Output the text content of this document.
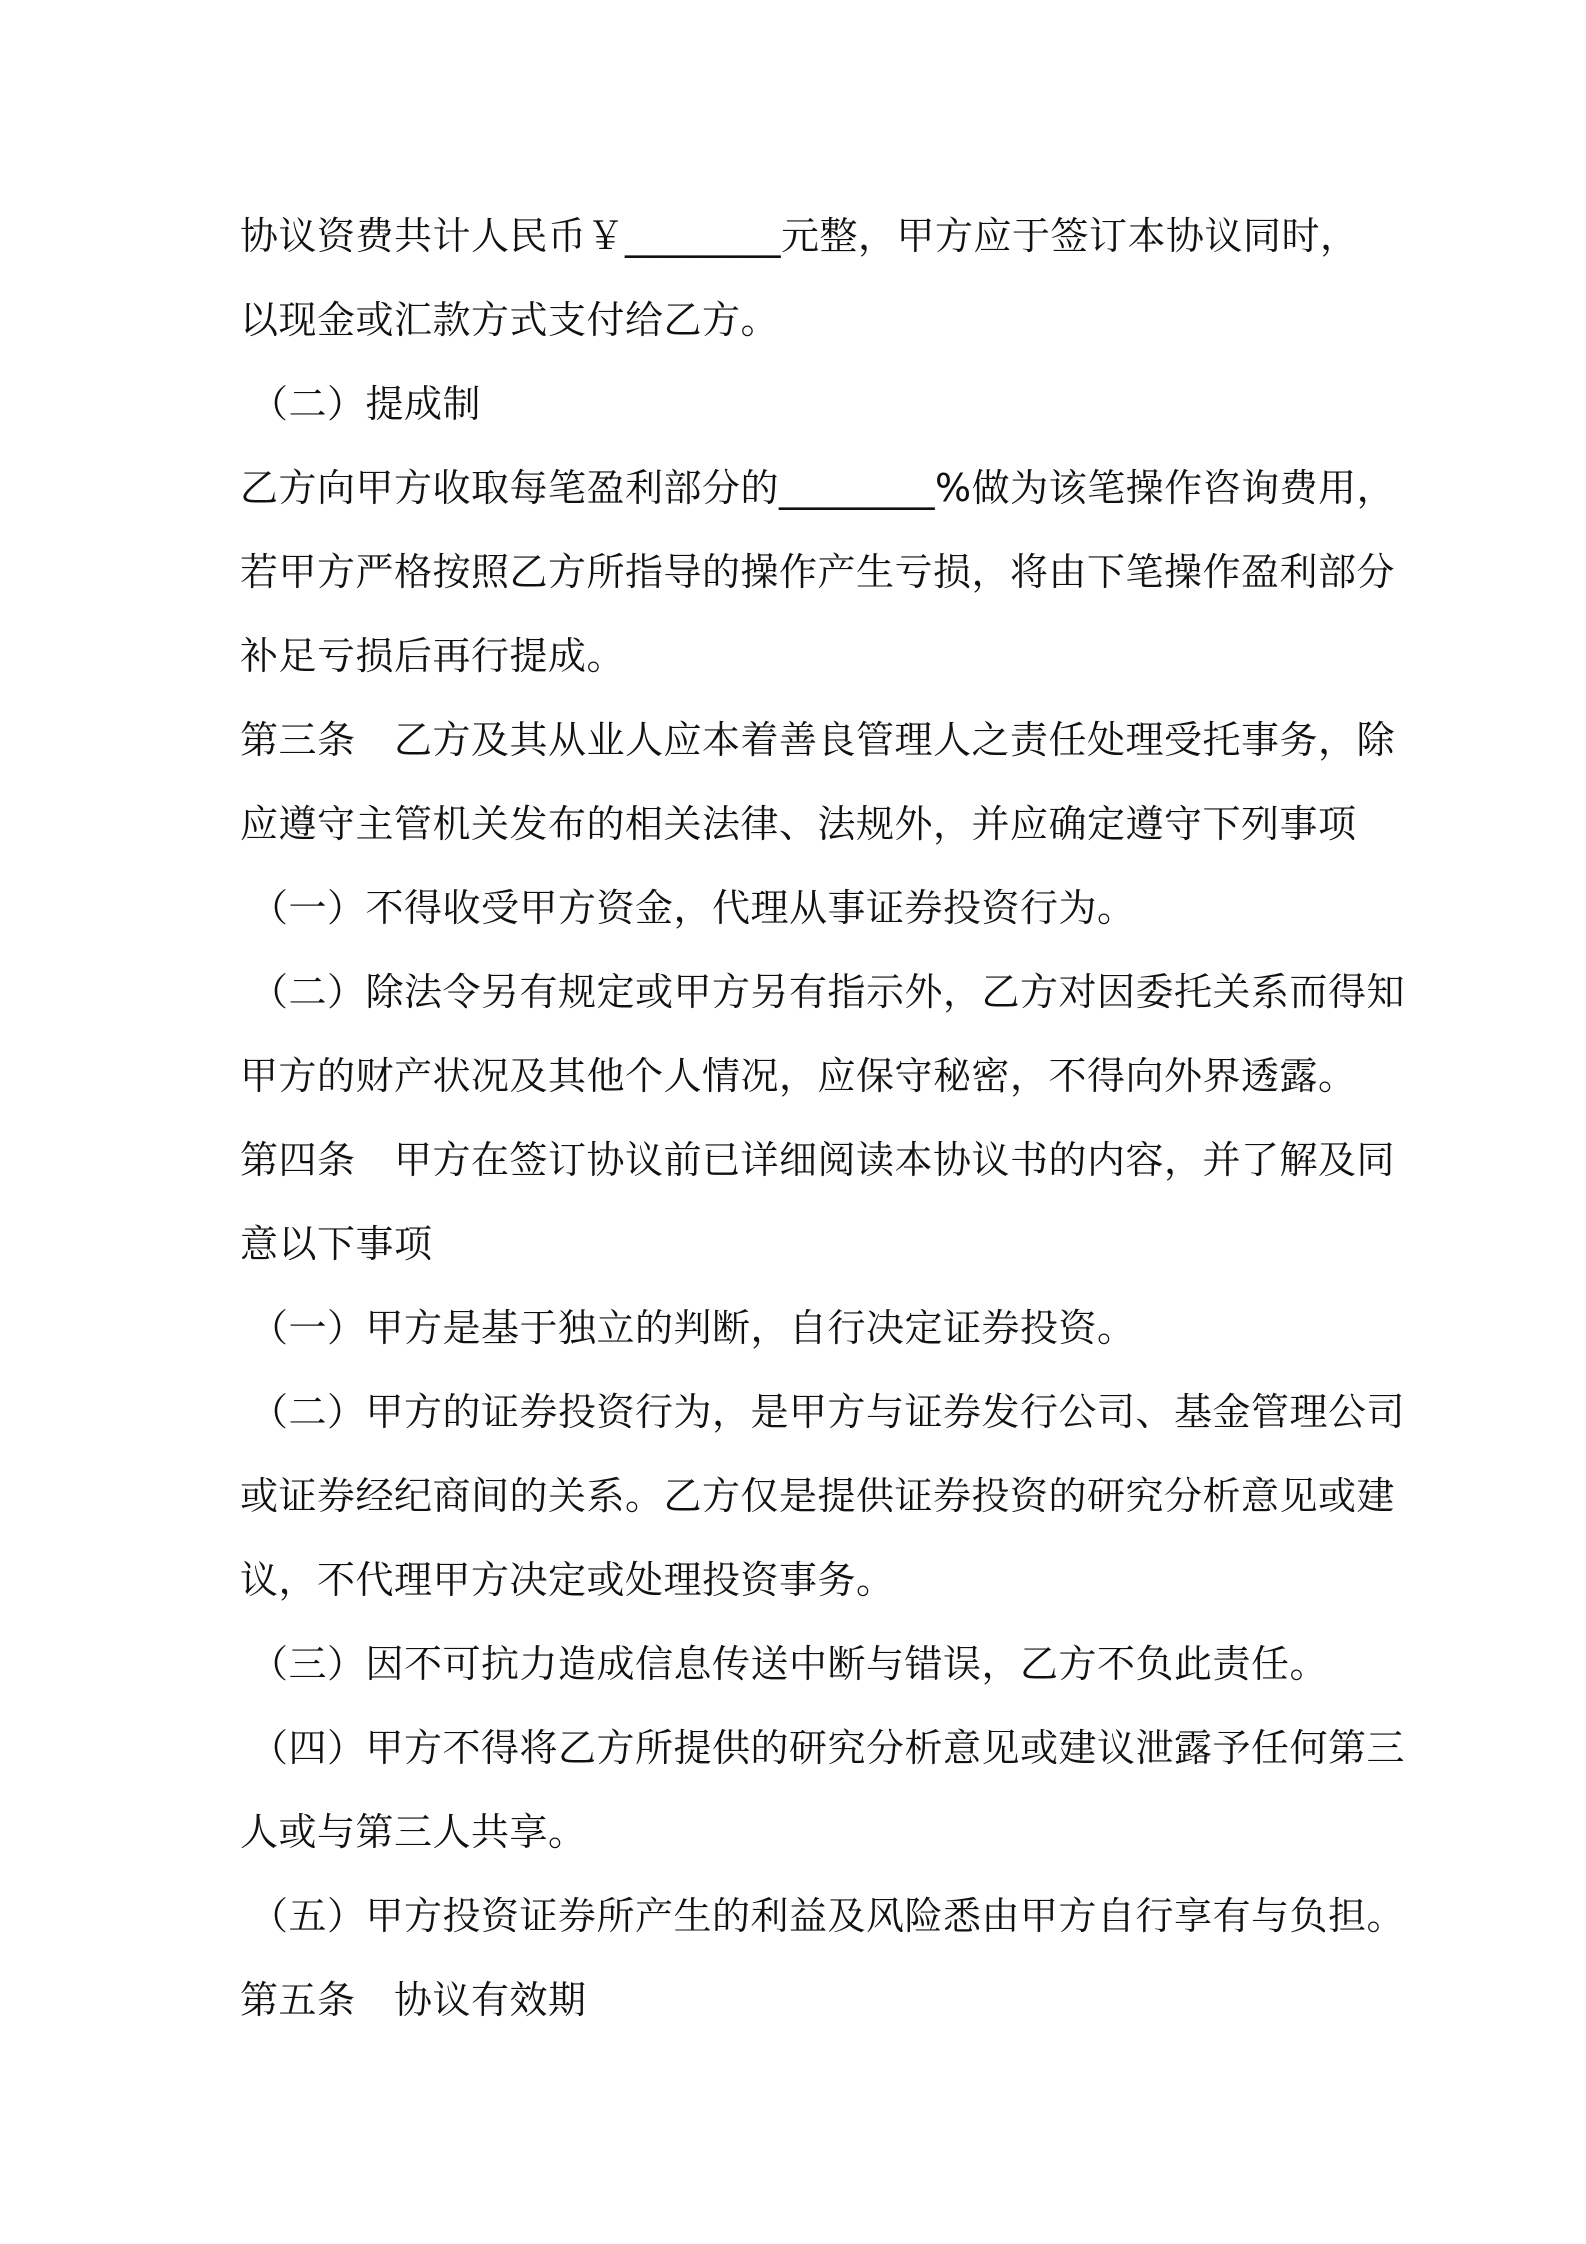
协议资费共计人民币￥________元整，甲方应于签订本协议同时，
以现金或汇款方式支付给乙方。
（二）提成制
乙方向甲方收取每笔盈利部分的________%做为该笔操作咨询费用，
若甲方严格按照乙方所指导的操作产生亏损，将由下笔操作盈利部分
补足亏损后再行提成。
第三条　乙方及其从业人应本着善良管理人之责任处理受托事务，除
应遵守主管机关发布的相关法律、法规外，并应确定遵守下列事项
（一）不得收受甲方资金，代理从事证券投资行为。
（二）除法令另有规定或甲方另有指示外，乙方对因委托关系而得知
甲方的财产状况及其他个人情况，应保守秘密，不得向外界透露。
第四条　甲方在签订协议前已详细阅读本协议书的内容，并了解及同
意以下事项
（一）甲方是基于独立的判断，自行决定证券投资。
（二）甲方的证券投资行为，是甲方与证券发行公司、基金管理公司
或证券经纪商间的关系。乙方仅是提供证券投资的研究分析意见或建
议，不代理甲方决定或处理投资事务。
（三）因不可抗力造成信息传送中断与错误，乙方不负此责任。
（四）甲方不得将乙方所提供的研究分析意见或建议泄露予任何第三
人或与第三人共享。
（五）甲方投资证券所产生的利益及风险悉由甲方自行享有与负担。
第五条　协议有效期
